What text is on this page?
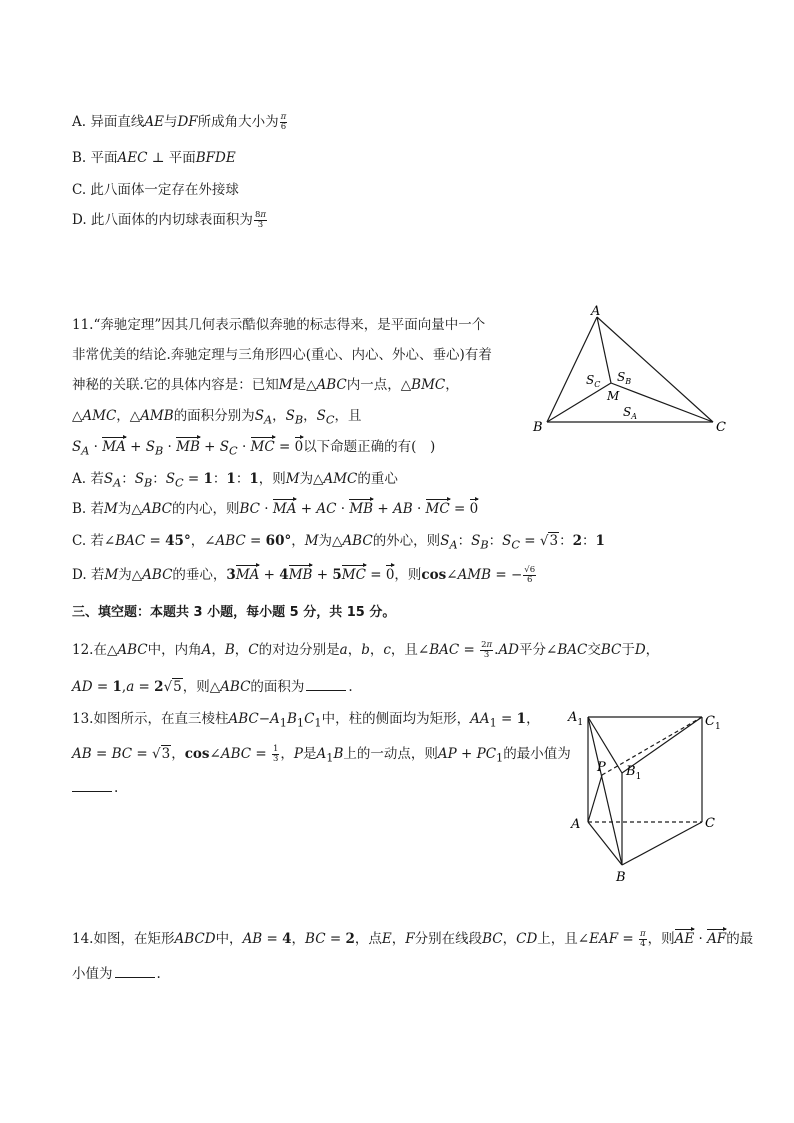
A. 异面直线AE与DF所成角大小为 $\frac{\pi}{6}$
B. 平面AEC ⊥ 平面BFDE
C. 此八面体一定存在外接球
D. 此八面体的内切球表面积为 $\frac{8\pi}{3}$
11.“奔驰定理”因其几何表示酷似奔驰的标志得来，是平面向量中一个
非常优美的结论.奔驰定理与三角形四心(重心、内心、外心、垂心)有着
神秘的关联.它的具体内容是：已知M是△ABC内一点，△BMC，
△AMC，△AMB的面积分别为$S_A$，$S_B$，$S_C$，且
$S_A$ · MA + $S_B$ · MB + $S_C$ · MC = 0以下命题正确的有(　)
A. 若$S_A$：$S_B$：$S_C = 1$：1：1，则M为△AMC的重心
B. 若M为△ABC的内心，则BC · MA + AC · MB + AB · MC = 0
C. 若∠BAC = 45°，∠ABC = 60°，M为△ABC的外心，则$S_A$：$S_B$：$S_C = √3$：2：1
D. 若M为△ABC的垂心，3MA + 4MB + 5MC = 0，则cos∠AMB = − $\frac{√6}{6}$
A
B	C
M
$S_C$
$S_B$
$S_A$
三、填空题：本题共 3 小题，每小题 5 分，共 15 分。
12.在△ABC中，内角A，B，C的对边分别是a，b，c，且∠BAC = $\frac{2\pi}{3} .AD$平分∠BAC交BC于D，
AD = 1,a = 2√5，则△ABC的面积为	.
13.如图所示，在直三棱柱$ABC-A_1B_1C_1$中，柱的侧面均为矩形，$AA_1 = 1$，
AB = BC = √3，cos∠ABC = $\frac{1}{3}$ ，P是$A_1B$上的一动点，则AP + $PC_1$的最小值为
.
$A_1$	$C_1$
P $B_1$
A	C
B
14.如图，在矩形ABCD中，AB = 4，BC = 2，点E，F分别在线段BC，CD上，且∠EAF = $\frac{\pi}{4}$ ，则AE · AF的最
小值为	.
